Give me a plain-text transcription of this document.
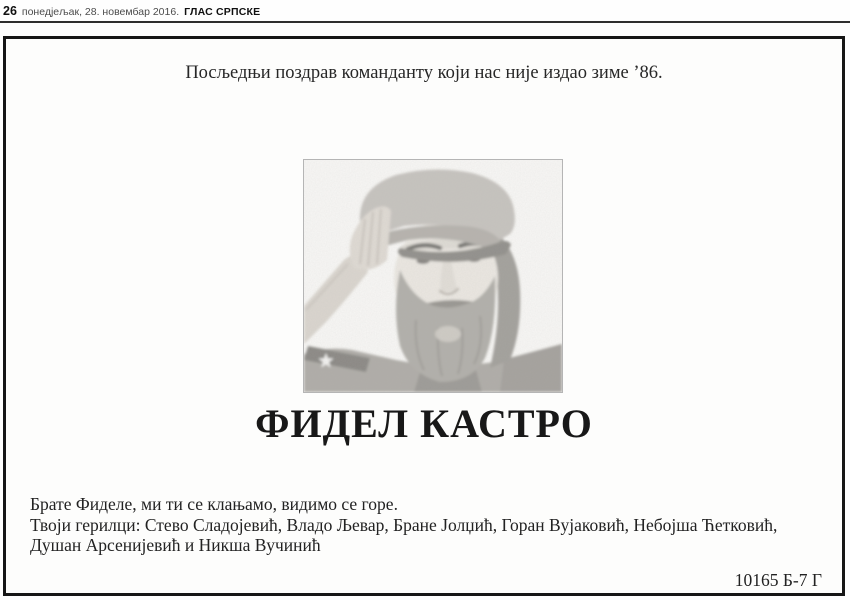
26 понедјељак, 28. новембар 2016. ГЛАС СРПСКЕ

Посљедњи поздрав команданту који нас није издао зиме ’86.

ФИДЕЛ КАСТРО

Брате Фиделе, ми ти се клањамо, видимо се горе.

Твоји герилци: Стево Сладојевић, Владо Љевар, Бране Јолџић, Горан Вујаковић, Небојша Ћетковић,

Душан Арсенијевић и Никша Вучинић

10165 Б-7 Г
